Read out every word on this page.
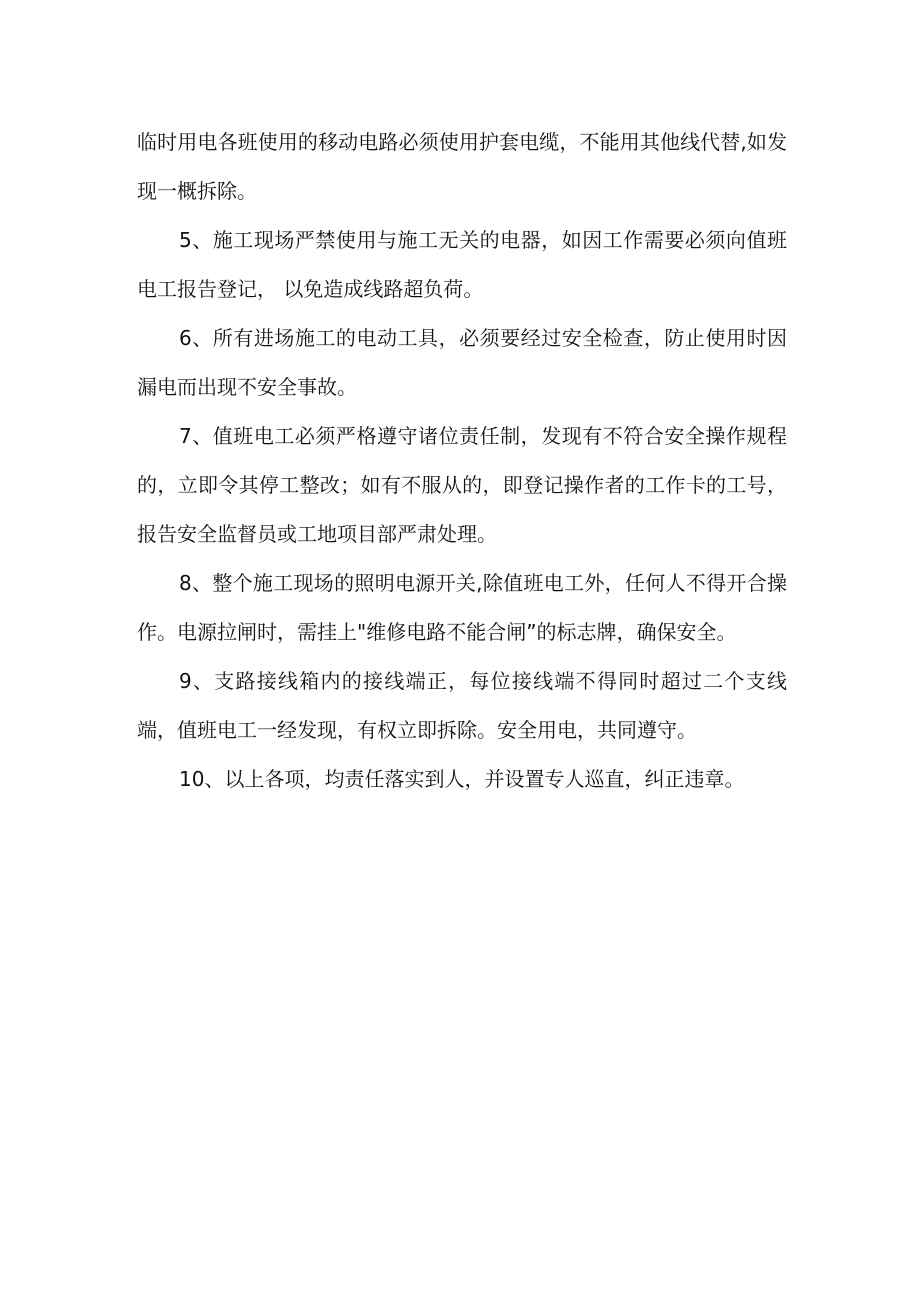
临时用电各班使用的移动电路必须使用护套电缆，不能用其他线代替,如发现一概拆除。

5、施工现场严禁使用与施工无关的电器，如因工作需要必须向值班电工报告登记， 以免造成线路超负荷。

6、所有进场施工的电动工具，必须要经过安全检查，防止使用时因漏电而出现不安全事故。

7、值班电工必须严格遵守诸位责任制，发现有不符合安全操作规程的，立即令其停工整改；如有不服从的，即登记操作者的工作卡的工号，报告安全监督员或工地项目部严肃处理。

8、整个施工现场的照明电源开关,除值班电工外，任何人不得开合操作。电源拉闸时，需挂上"维修电路不能合闸”的标志牌，确保安全。

9、支路接线箱内的接线端正，每位接线端不得同时超过二个支线端，值班电工一经发现，有权立即拆除。安全用电，共同遵守。

10、以上各项，均责任落实到人，并设置专人巡直，纠正违章。
